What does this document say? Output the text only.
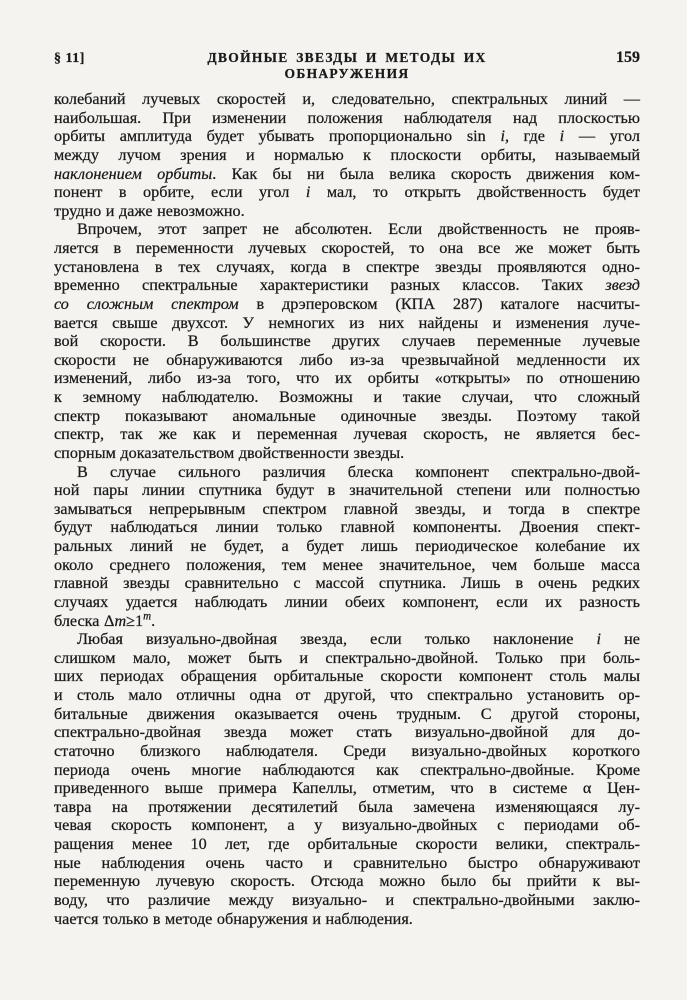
§ 11]	ДВОЙНЫЕ ЗВЕЗДЫ И МЕТОДЫ ИХ ОБНАРУЖЕНИЯ
159
колебаний лучевых скоростей и, следовательно, спектральных линий —
наибольшая. При изменении положения наблюдателя над плоскостью
орбиты амплитуда будет убывать пропорционально sin i, где i — угол
между лучом зрения и нормалью к плоскости орбиты, называемый
наклонением орбиты. Как бы ни была велика скорость движения ком-
понент в орбите, если угол i мал, то открыть двойственность будет
трудно и даже невозможно.
Впрочем, этот запрет не абсолютен. Если двойственность не прояв-
ляется в переменности лучевых скоростей, то она все же может быть
установлена в тех случаях, когда в спектре звезды проявляются одно-
временно спектральные характеристики разных классов. Таких звезд
со сложным спектром в дрэперовском (КПА 287) каталоге насчиты-
вается свыше двухсот. У немногих из них найдены и изменения луче-
вой скорости. В большинстве других случаев переменные лучевые
скорости не обнаруживаются либо из-за чрезвычайной медленности их
изменений, либо из-за того, что их орбиты «открыты» по отношению
к земному наблюдателю. Возможны и такие случаи, что сложный
спектр показывают аномальные одиночные звезды. Поэтому такой
спектр, так же как и переменная лучевая скорость, не является бес-
спорным доказательством двойственности звезды.
В случае сильного различия блеска компонент спектрально-двой-
ной пары линии спутника будут в значительной степени или полностью
замываться непрерывным спектром главной звезды, и тогда в спектре
будут наблюдаться линии только главной компоненты. Двоения спект-
ральных линий не будет, а будет лишь периодическое колебание их
около среднего положения, тем менее значительное, чем больше масса
главной звезды сравнительно с массой спутника. Лишь в очень редких
случаях удается наблюдать линии обеих компонент, если их разность
блеска $\Delta m\ge 1^m$.
Любая визуально-двойная звезда, если только наклонение i не
слишком мало, может быть и спектрально-двойной. Только при боль-
ших периодах обращения орбитальные скорости компонент столь малы
и столь мало отличны одна от другой, что спектрально установить ор-
битальные движения оказывается очень трудным. С другой стороны,
спектрально-двойная звезда может стать визуально-двойной для до-
статочно близкого наблюдателя. Среди визуально-двойных короткого
периода очень многие наблюдаются как спектрально-двойные. Кроме
приведенного выше примера Капеллы, отметим, что в системе α Цен-
тавра на протяжении десятилетий была замечена изменяющаяся лу-
чевая скорость компонент, а у визуально-двойных с периодами об-
ращения менее 10 лет, где орбитальные скорости велики, спектраль-
ные наблюдения очень часто и сравнительно быстро обнаруживают
переменную лучевую скорость. Отсюда можно было бы прийти к вы-
воду, что различие между визуально- и спектрально-двойными заклю-
чается только в методе обнаружения и наблюдения.
